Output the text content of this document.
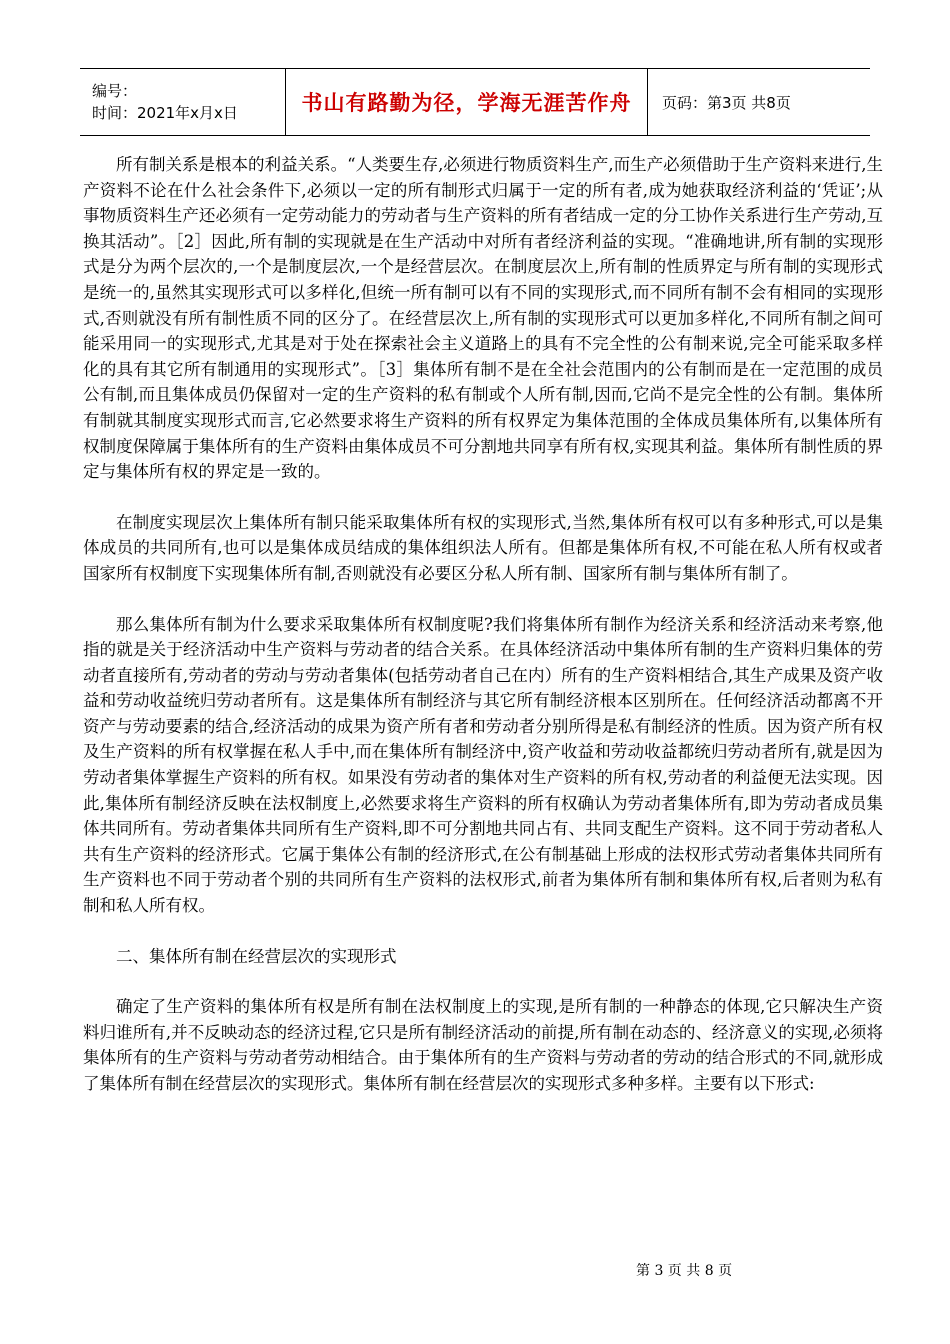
编号：
时间：2021年x月x日	书山有路勤为径，学海无涯苦作舟 页码：第3页 共8页

所有制关系是根本的利益关系。“人类要生存,必须进行物质资料生产,而生产必须借助于生产资料来进行,生产资料不论在什么社会条件下,必须以一定的所有制形式归属于一定的所有者,成为她获取经济利益的‘凭证’;从事物质资料生产还必须有一定劳动能力的劳动者与生产资料的所有者结成一定的分工协作关系进行生产劳动,互换其活动”。［2］因此,所有制的实现就是在生产活动中对所有者经济利益的实现。“准确地讲,所有制的实现形式是分为两个层次的,一个是制度层次,一个是经营层次。在制度层次上,所有制的性质界定与所有制的实现形式是统一的,虽然其实现形式可以多样化,但统一所有制可以有不同的实现形式,而不同所有制不会有相同的实现形式,否则就没有所有制性质不同的区分了。在经营层次上,所有制的实现形式可以更加多样化,不同所有制之间可能采用同一的实现形式,尤其是对于处在探索社会主义道路上的具有不完全性的公有制来说,完全可能采取多样化的具有其它所有制通用的实现形式”。［3］集体所有制不是在全社会范围内的公有制而是在一定范围的成员公有制,而且集体成员仍保留对一定的生产资料的私有制或个人所有制,因而,它尚不是完全性的公有制。集体所有制就其制度实现形式而言,它必然要求将生产资料的所有权界定为集体范围的全体成员集体所有,以集体所有权制度保障属于集体所有的生产资料由集体成员不可分割地共同享有所有权,实现其利益。集体所有制性质的界定与集体所有权的界定是一致的。

在制度实现层次上集体所有制只能采取集体所有权的实现形式,当然,集体所有权可以有多种形式,可以是集体成员的共同所有,也可以是集体成员结成的集体组织法人所有。但都是集体所有权,不可能在私人所有权或者国家所有权制度下实现集体所有制,否则就没有必要区分私人所有制、国家所有制与集体所有制了。

那么集体所有制为什么要求采取集体所有权制度呢?我们将集体所有制作为经济关系和经济活动来考察,他指的就是关于经济活动中生产资料与劳动者的结合关系。在具体经济活动中集体所有制的生产资料归集体的劳动者直接所有,劳动者的劳动与劳动者集体(包括劳动者自己在内）所有的生产资料相结合,其生产成果及资产收益和劳动收益统归劳动者所有。这是集体所有制经济与其它所有制经济根本区别所在。任何经济活动都离不开资产与劳动要素的结合,经济活动的成果为资产所有者和劳动者分别所得是私有制经济的性质。因为资产所有权及生产资料的所有权掌握在私人手中,而在集体所有制经济中,资产收益和劳动收益都统归劳动者所有,就是因为劳动者集体掌握生产资料的所有权。如果没有劳动者的集体对生产资料的所有权,劳动者的利益便无法实现。因此,集体所有制经济反映在法权制度上,必然要求将生产资料的所有权确认为劳动者集体所有,即为劳动者成员集体共同所有。劳动者集体共同所有生产资料,即不可分割地共同占有、共同支配生产资料。这不同于劳动者私人共有生产资料的经济形式。它属于集体公有制的经济形式,在公有制基础上形成的法权形式劳动者集体共同所有生产资料也不同于劳动者个别的共同所有生产资料的法权形式,前者为集体所有制和集体所有权,后者则为私有制和私人所有权。

二、集体所有制在经营层次的实现形式

确定了生产资料的集体所有权是所有制在法权制度上的实现,是所有制的一种静态的体现,它只解决生产资料归谁所有,并不反映动态的经济过程,它只是所有制经济活动的前提,所有制在动态的、经济意义的实现,必须将集体所有的生产资料与劳动者劳动相结合。由于集体所有的生产资料与劳动者的劳动的结合形式的不同,就形成了集体所有制在经营层次的实现形式。集体所有制在经营层次的实现形式多种多样。主要有以下形式:

第 3 页 共 8 页
